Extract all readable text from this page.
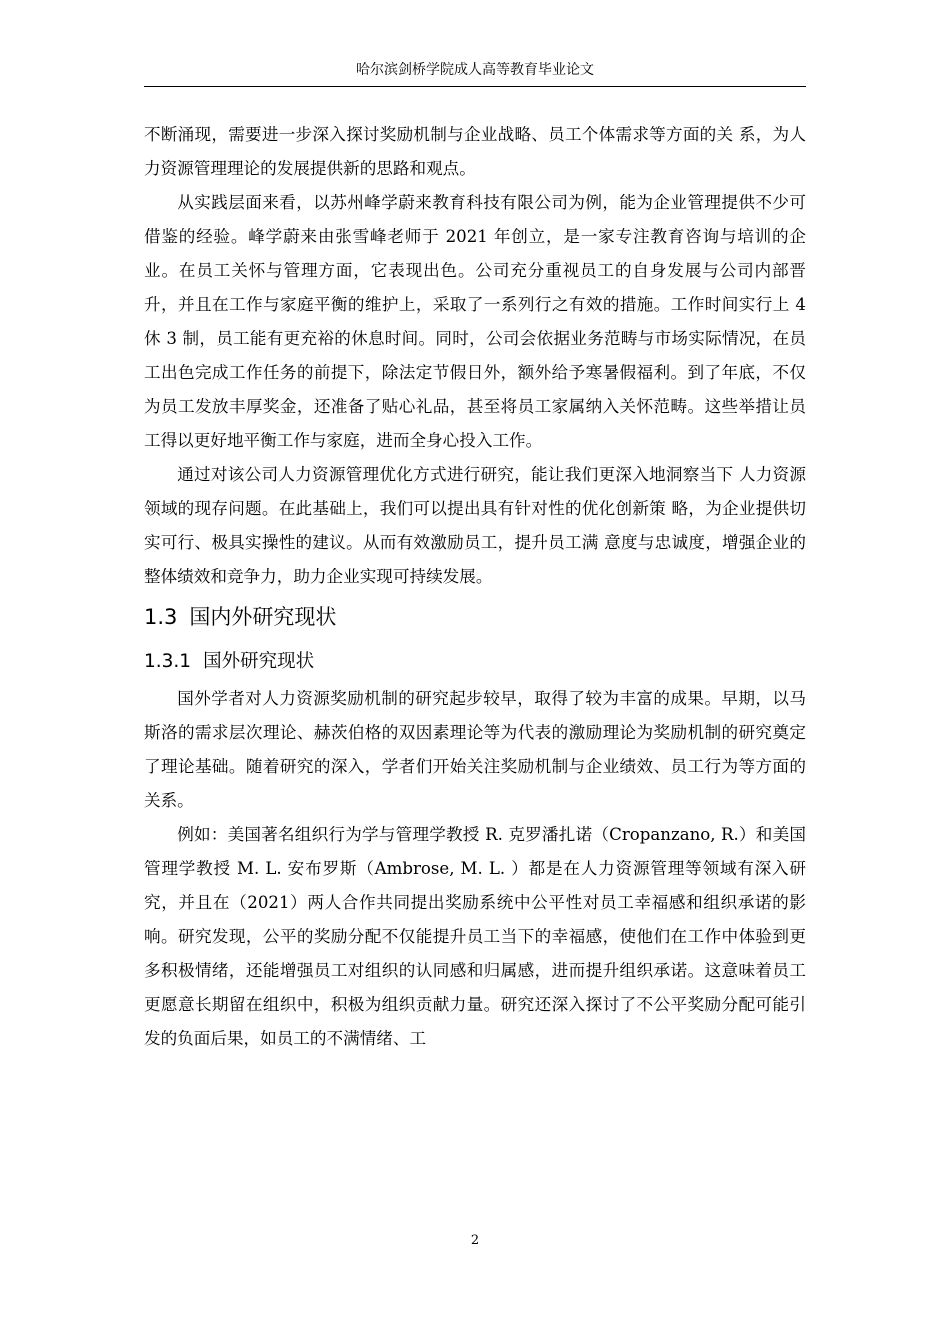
哈尔滨剑桥学院成人高等教育毕业论文

不断涌现，需要进一步深入探讨奖励机制与企业战略、员工个体需求等方面的关 系，为人力资源管理理论的发展提供新的思路和观点。

从实践层面来看，以苏州峰学蔚来教育科技有限公司为例，能为企业管理提供不少可借鉴的经验。峰学蔚来由张雪峰老师于 2021 年创立，是一家专注教育咨询与培训的企业。在员工关怀与管理方面，它表现出色。公司充分重视员工的自身发展与公司内部晋升，并且在工作与家庭平衡的维护上，采取了一系列行之有效的措施。工作时间实行上 4 休 3 制，员工能有更充裕的休息时间。同时，公司会依据业务范畴与市场实际情况，在员工出色完成工作任务的前提下，除法定节假日外，额外给予寒暑假福利。到了年底，不仅为员工发放丰厚奖金，还准备了贴心礼品，甚至将员工家属纳入关怀范畴。这些举措让员工得以更好地平衡工作与家庭，进而全身心投入工作。

通过对该公司人力资源管理优化方式进行研究，能让我们更深入地洞察当下 人力资源领域的现存问题。在此基础上，我们可以提出具有针对性的优化创新策 略，为企业提供切实可行、极具实操性的建议。从而有效激励员工，提升员工满 意度与忠诚度，增强企业的整体绩效和竞争力，助力企业实现可持续发展。

1.3 国内外研究现状
1.3.1 国外研究现状

国外学者对人力资源奖励机制的研究起步较早，取得了较为丰富的成果。早期，以马斯洛的需求层次理论、赫茨伯格的双因素理论等为代表的激励理论为奖励机制的研究奠定了理论基础。随着研究的深入，学者们开始关注奖励机制与企业绩效、员工行为等方面的关系。

例如：美国著名组织行为学与管理学教授 R. 克罗潘扎诺（Cropanzano, R.）和美国管理学教授 M. L. 安布罗斯（Ambrose, M. L. ）都是在人力资源管理等领域有深入研究，并且在（2021）两人合作共同提出奖励系统中公平性对员工幸福感和组织承诺的影响。研究发现，公平的奖励分配不仅能提升员工当下的幸福感，使他们在工作中体验到更多积极情绪，还能增强员工对组织的认同感和归属感，进而提升组织承诺。这意味着员工更愿意长期留在组织中，积极为组织贡献力量。研究还深入探讨了不公平奖励分配可能引发的负面后果，如员工的不满情绪、工

2
